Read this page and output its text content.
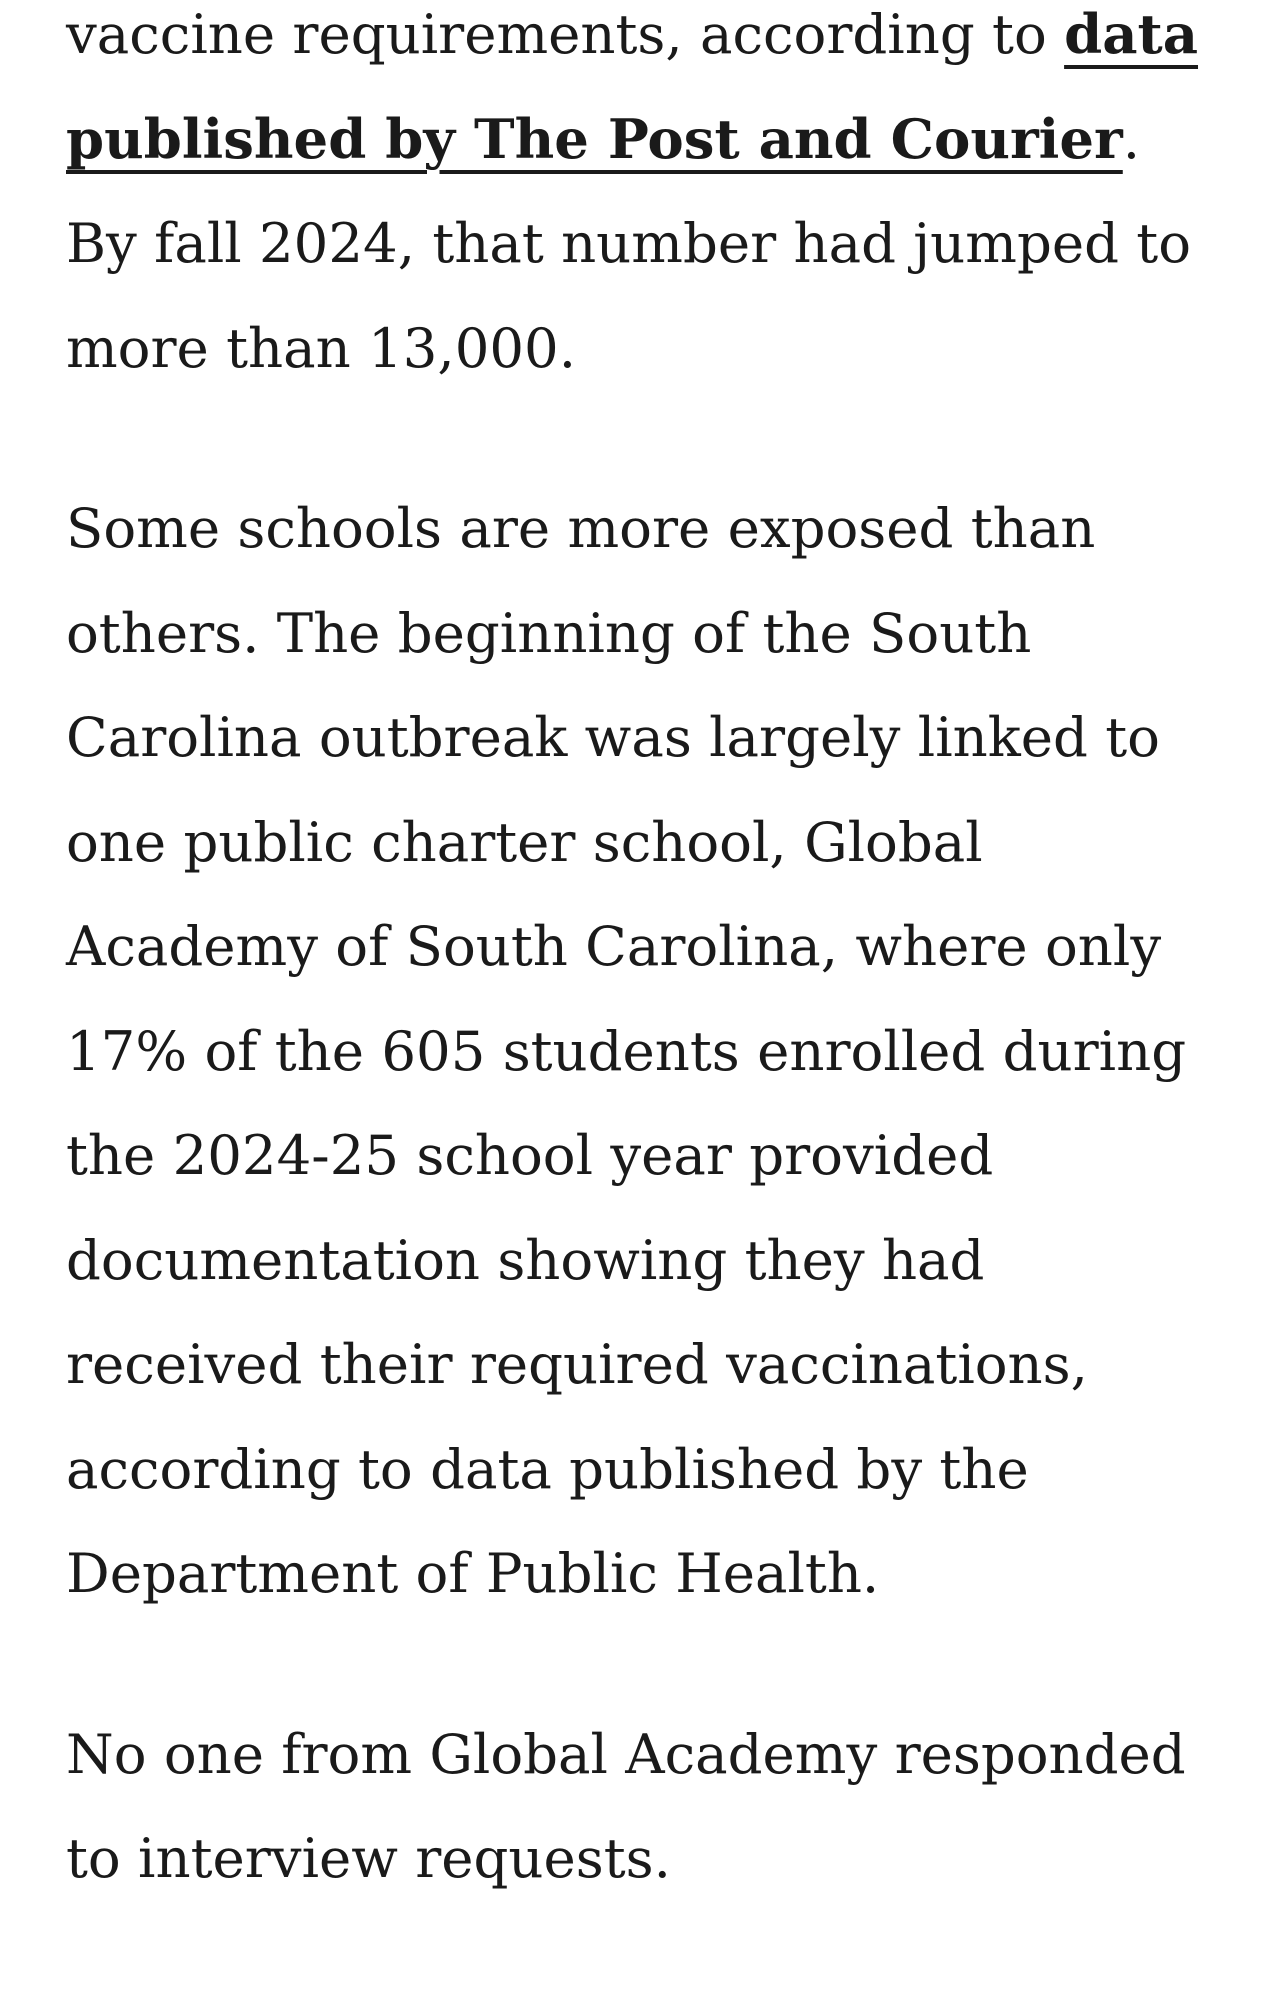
vaccine requirements, according to data published by The Post and Courier. By fall 2024, that number had jumped to more than 13,000.

Some schools are more exposed than others. The beginning of the South Carolina outbreak was largely linked to one public charter school, Global Academy of South Carolina, where only 17% of the 605 students enrolled during the 2024-25 school year provided documentation showing they had received their required vaccinations, according to data published by the Department of Public Health.

No one from Global Academy responded to interview requests.
